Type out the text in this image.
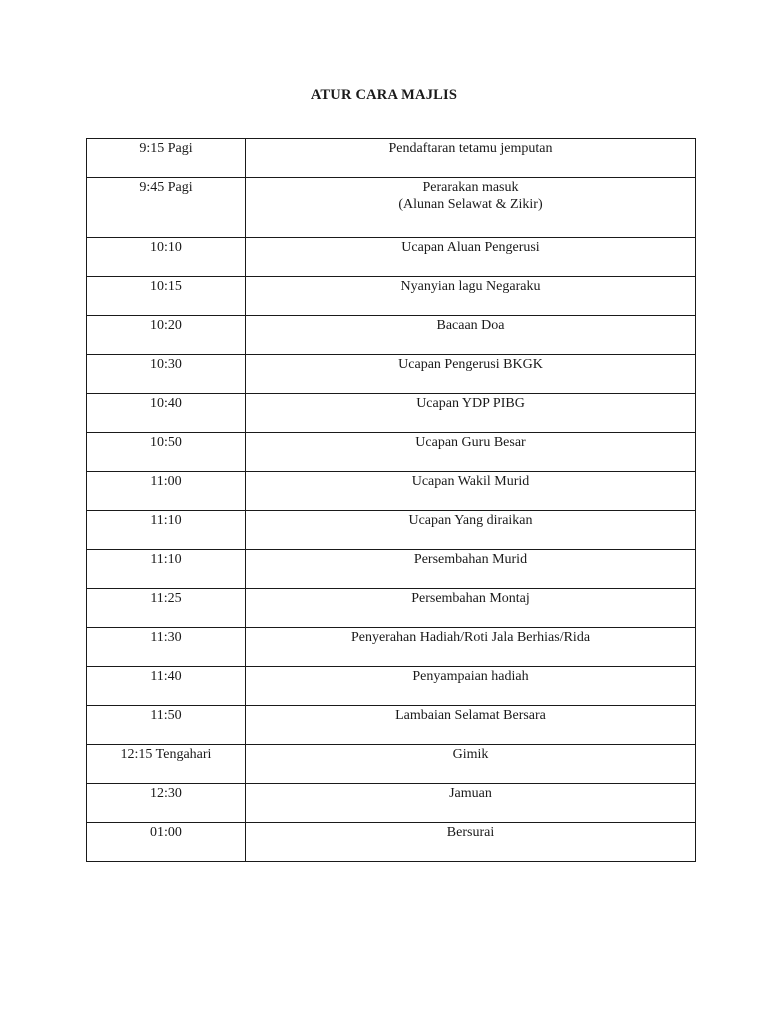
ATUR CARA MAJLIS
9:15 Pagi	Pendaftaran tetamu jemputan
9:45 Pagi	Perarakan masuk
(Alunan Selawat & Zikir)

10:10	Ucapan Aluan Pengerusi
10:15	Nyanyian lagu Negaraku
10:20	Bacaan Doa
10:30	Ucapan Pengerusi BKGK
10:40	Ucapan YDP PIBG
10:50	Ucapan Guru Besar
11:00	Ucapan Wakil Murid
11:10	Ucapan Yang diraikan
11:10	Persembahan Murid
11:25	Persembahan Montaj
11:30	Penyerahan Hadiah/Roti Jala Berhias/Rida
11:40	Penyampaian hadiah
11:50	Lambaian Selamat Bersara
12:15 Tengahari	Gimik
12:30	Jamuan
01:00	Bersurai
